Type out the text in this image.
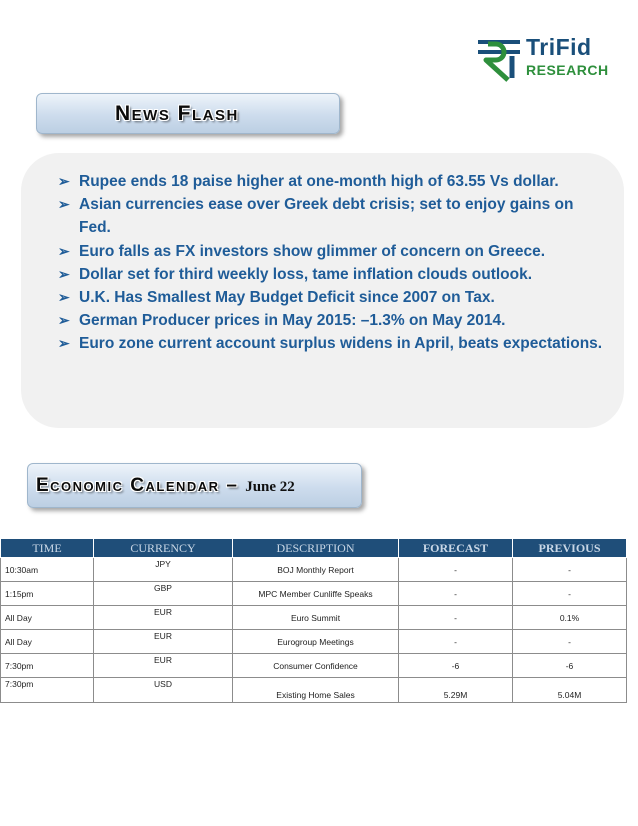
TriFid
RESEARCH
News Flash
➢ Rupee ends 18 paise higher at one-month high of 63.55 Vs dollar.
➢ Asian currencies ease over Greek debt crisis; set to enjoy gains on Fed.
➢ Euro falls as FX investors show glimmer of concern on Greece.
➢ Dollar set for third weekly loss, tame inflation clouds outlook.
➢ U.K. Has Smallest May Budget Deficit since 2007 on Tax.
➢ German Producer prices in May 2015: –1.3% on May 2014.
➢ Euro zone current account surplus widens in April, beats expectations.
Economic Calendar – June 22
TIME	CURRENCY	DESCRIPTION	FORECAST	PREVIOUS
10:30am	JPY	BOJ Monthly Report	-	-
1:15pm	GBP	MPC Member Cunliffe Speaks	-	-
All Day	EUR	Euro Summit	-	0.1%
All Day	EUR	Eurogroup Meetings	-	-
7:30pm	EUR	Consumer Confidence	-6	-6
7:30pm	USD	Existing Home Sales	5.29M	5.04M
